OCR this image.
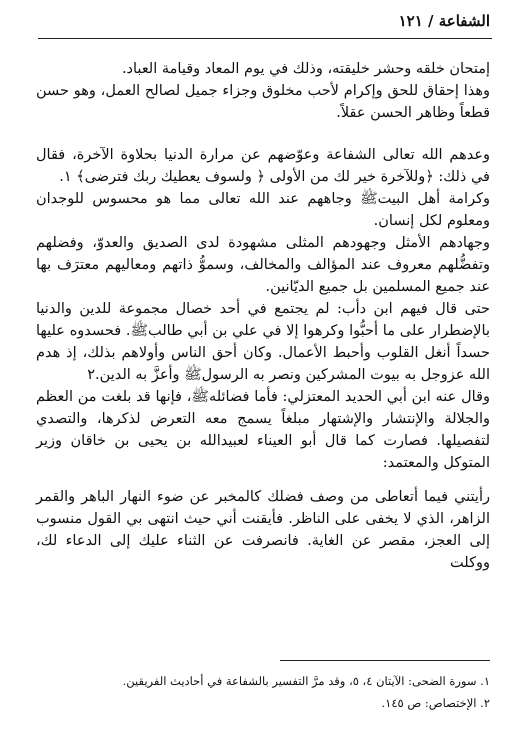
الشفاعة / ١٢١

إمتحان خلقه وحشر خليقته، وذلك في يوم المعاد وقيامة العباد.

وهذا إحقاق للحق وإكرام لأحب مخلوق وجزاء جميل لصالح العمل، وهو حسن قطعاً وظاهر الحسن عقلاً.

وعدهم الله تعالى الشفاعة وعوّضهم عن مرارة الدنيا بحلاوة الآخرة، فقال في ذلك: ﴿وللآخرة خير لك من الأولى ﴿ ولسوف يعطيك ربك فترضى﴾ ١.

وكرامة أهل البيتﷺ وجاههم عند الله تعالى مما هو محسوس للوجدان ومعلوم لكل إنسان.

وجهادهم الأمثل وجهودهم المثلى مشهودة لدى الصديق والعدوّ، وفضلهم وتفضُّلهم معروف عند المؤالف والمخالف، وسموُّ ذاتهم ومعاليهم معترَف بها عند جميع المسلمين بل جميع الديّانين.

حتى قال فيهم ابن دأب: لم يجتمع في أحد خصال مجموعة للدين والدنيا بالإضطرار على ما أحبُّوا وكرهوا إلا في علي بن أبي طالبﷺ. فحسدوه عليها حسداً أنغل القلوب وأحبط الأعمال. وكان أحق الناس وأولاهم بذلك، إذ هدم الله عزوجل به بيوت المشركين ونصر به الرسولﷺ وأعزَّ به الدين.٢

وقال عنه ابن أبي الحديد المعتزلي: فأما فضائلهﷺ، فإنها قد بلغت من العظم والجلالة والإنتشار والإشتهار مبلغاً يسمج معه التعرض لذكرها، والتصدي لتفصيلها. فصارت كما قال أبو العيناء لعبيدالله بن يحيى بن خاقان وزير المتوكل والمعتمد:

رأيتني فيما أتعاطى من وصف فضلك كالمخبر عن ضوء النهار الباهر والقمر الزاهر، الذي لا يخفى على الناظر. فأيقنت أني حيث انتهى بي القول منسوب إلى العجز، مقصر عن الغاية. فانصرفت عن الثناء عليك إلى الدعاء لك، ووكلت

١. سورة الضحى: الآيتان ٤، ٥، وقد مرَّ التفسير بالشفاعة في أحاديث الفريقين.

٢. الإختصاص: ص ١٤٥.
